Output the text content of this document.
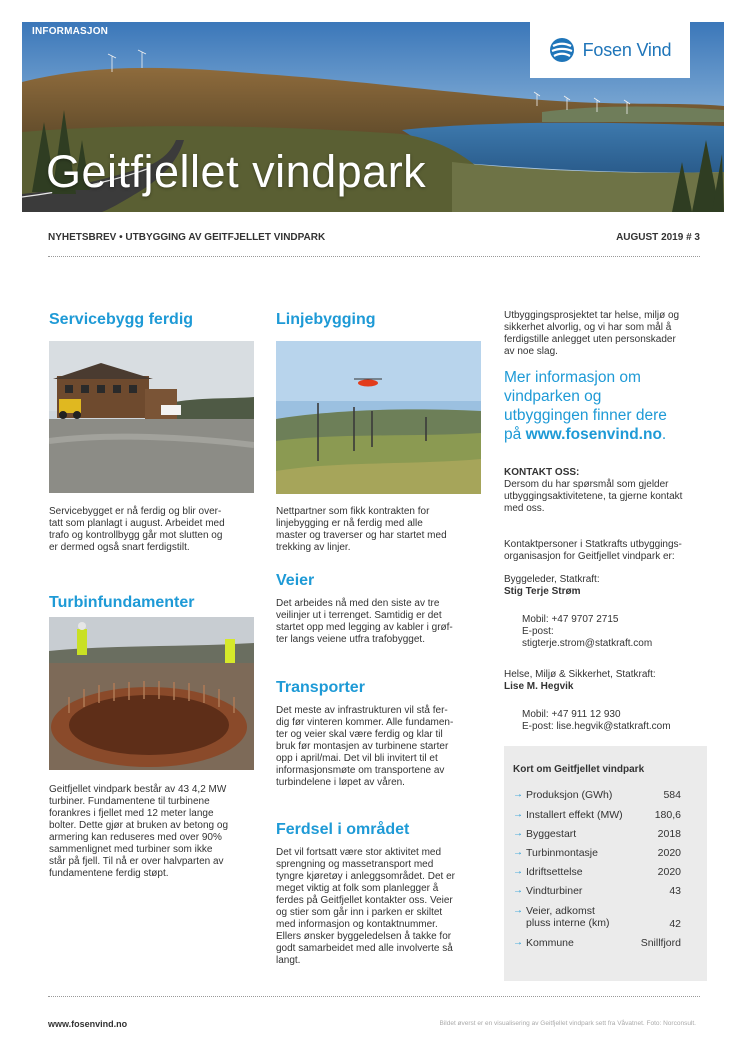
INFORMASJON
Geitfjellet vindpark
Fosen Vind
NYHETSBREV • UTBYGGING AV GEITFJELLET VINDPARK	AUGUST 2019 # 3
Servicebygg ferdig
Servicebygget er nå ferdig og blir over-
tatt som planlagt i august. Arbeidet med
trafo og kontrollbygg går mot slutten og
er dermed også snart ferdigstilt.
Turbinfundamenter
Geitfjellet vindpark består av 43 4,2 MW
turbiner. Fundamentene til turbinene
forankres i fjellet med 12 meter lange
bolter. Dette gjør at bruken av betong og
armering kan reduseres med over 90%
sammenlignet med turbiner som ikke
står på fjell. Til nå er over halvparten av
fundamentene ferdig støpt.
Linjebygging
Nettpartner som fikk kontrakten for
linjebygging er nå ferdig med alle
master og traverser og har startet med
trekking av linjer.
Veier
Det arbeides nå med den siste av tre
veilinjer ut i terrenget. Samtidig er det
startet opp med legging av kabler i grøf-
ter langs veiene utfra trafobygget.
Transporter
Det meste av infrastrukturen vil stå fer-
dig før vinteren kommer. Alle fundamen-
ter og veier skal være ferdig og klar til
bruk før montasjen av turbinene starter
opp i april/mai. Det vil bli invitert til et
informasjonsmøte om transportene av
turbindelene i løpet av våren.
Ferdsel i området
Det vil fortsatt være stor aktivitet med
sprengning og massetransport med
tyngre kjøretøy i anleggsområdet. Det er
meget viktig at folk som planlegger å
ferdes på Geitfjellet kontakter oss. Veier
og stier som går inn i parken er skiltet
med informasjon og kontaktnummer.
Ellers ønsker byggeledelsen å takke for
godt samarbeidet med alle involverte så
langt.
Utbyggingsprosjektet tar helse, miljø og
sikkerhet alvorlig, og vi har som mål å
ferdigstille anlegget uten personskader
av noe slag.
Mer informasjon om
vindparken og
utbyggingen finner dere
på www.fosenvind.no.
KONTAKT OSS:
Dersom du har spørsmål som gjelder
utbyggingsaktivitetene, ta gjerne kontakt
med oss.
Kontaktpersoner i Statkrafts utbyggings-
organisasjon for Geitfjellet vindpark er:
Byggeleder, Statkraft:
Stig Terje Strøm
Mobil: +47 9707 2715
E-post:
stigterje.strom@statkraft.com
Helse, Miljø & Sikkerhet, Statkraft:
Lise M. Hegvik
Mobil: +47 911 12 930
E-post: lise.hegvik@statkraft.com
Kort om Geitfjellet vindpark
→ Produksjon (GWh)	584
→ Installert effekt (MW)	180,6
→ Byggestart	2018
→ Turbinmontasje	2020
→ Idriftsettelse	2020
→ Vindturbiner	43
→ Veier, adkomst
pluss interne (km)	42
→ Kommune	Snillfjord
www.fosenvind.no	Bildet øverst er en visualisering av Geitfjellet vindpark sett fra Våvatnet. Foto: Norconsult.
